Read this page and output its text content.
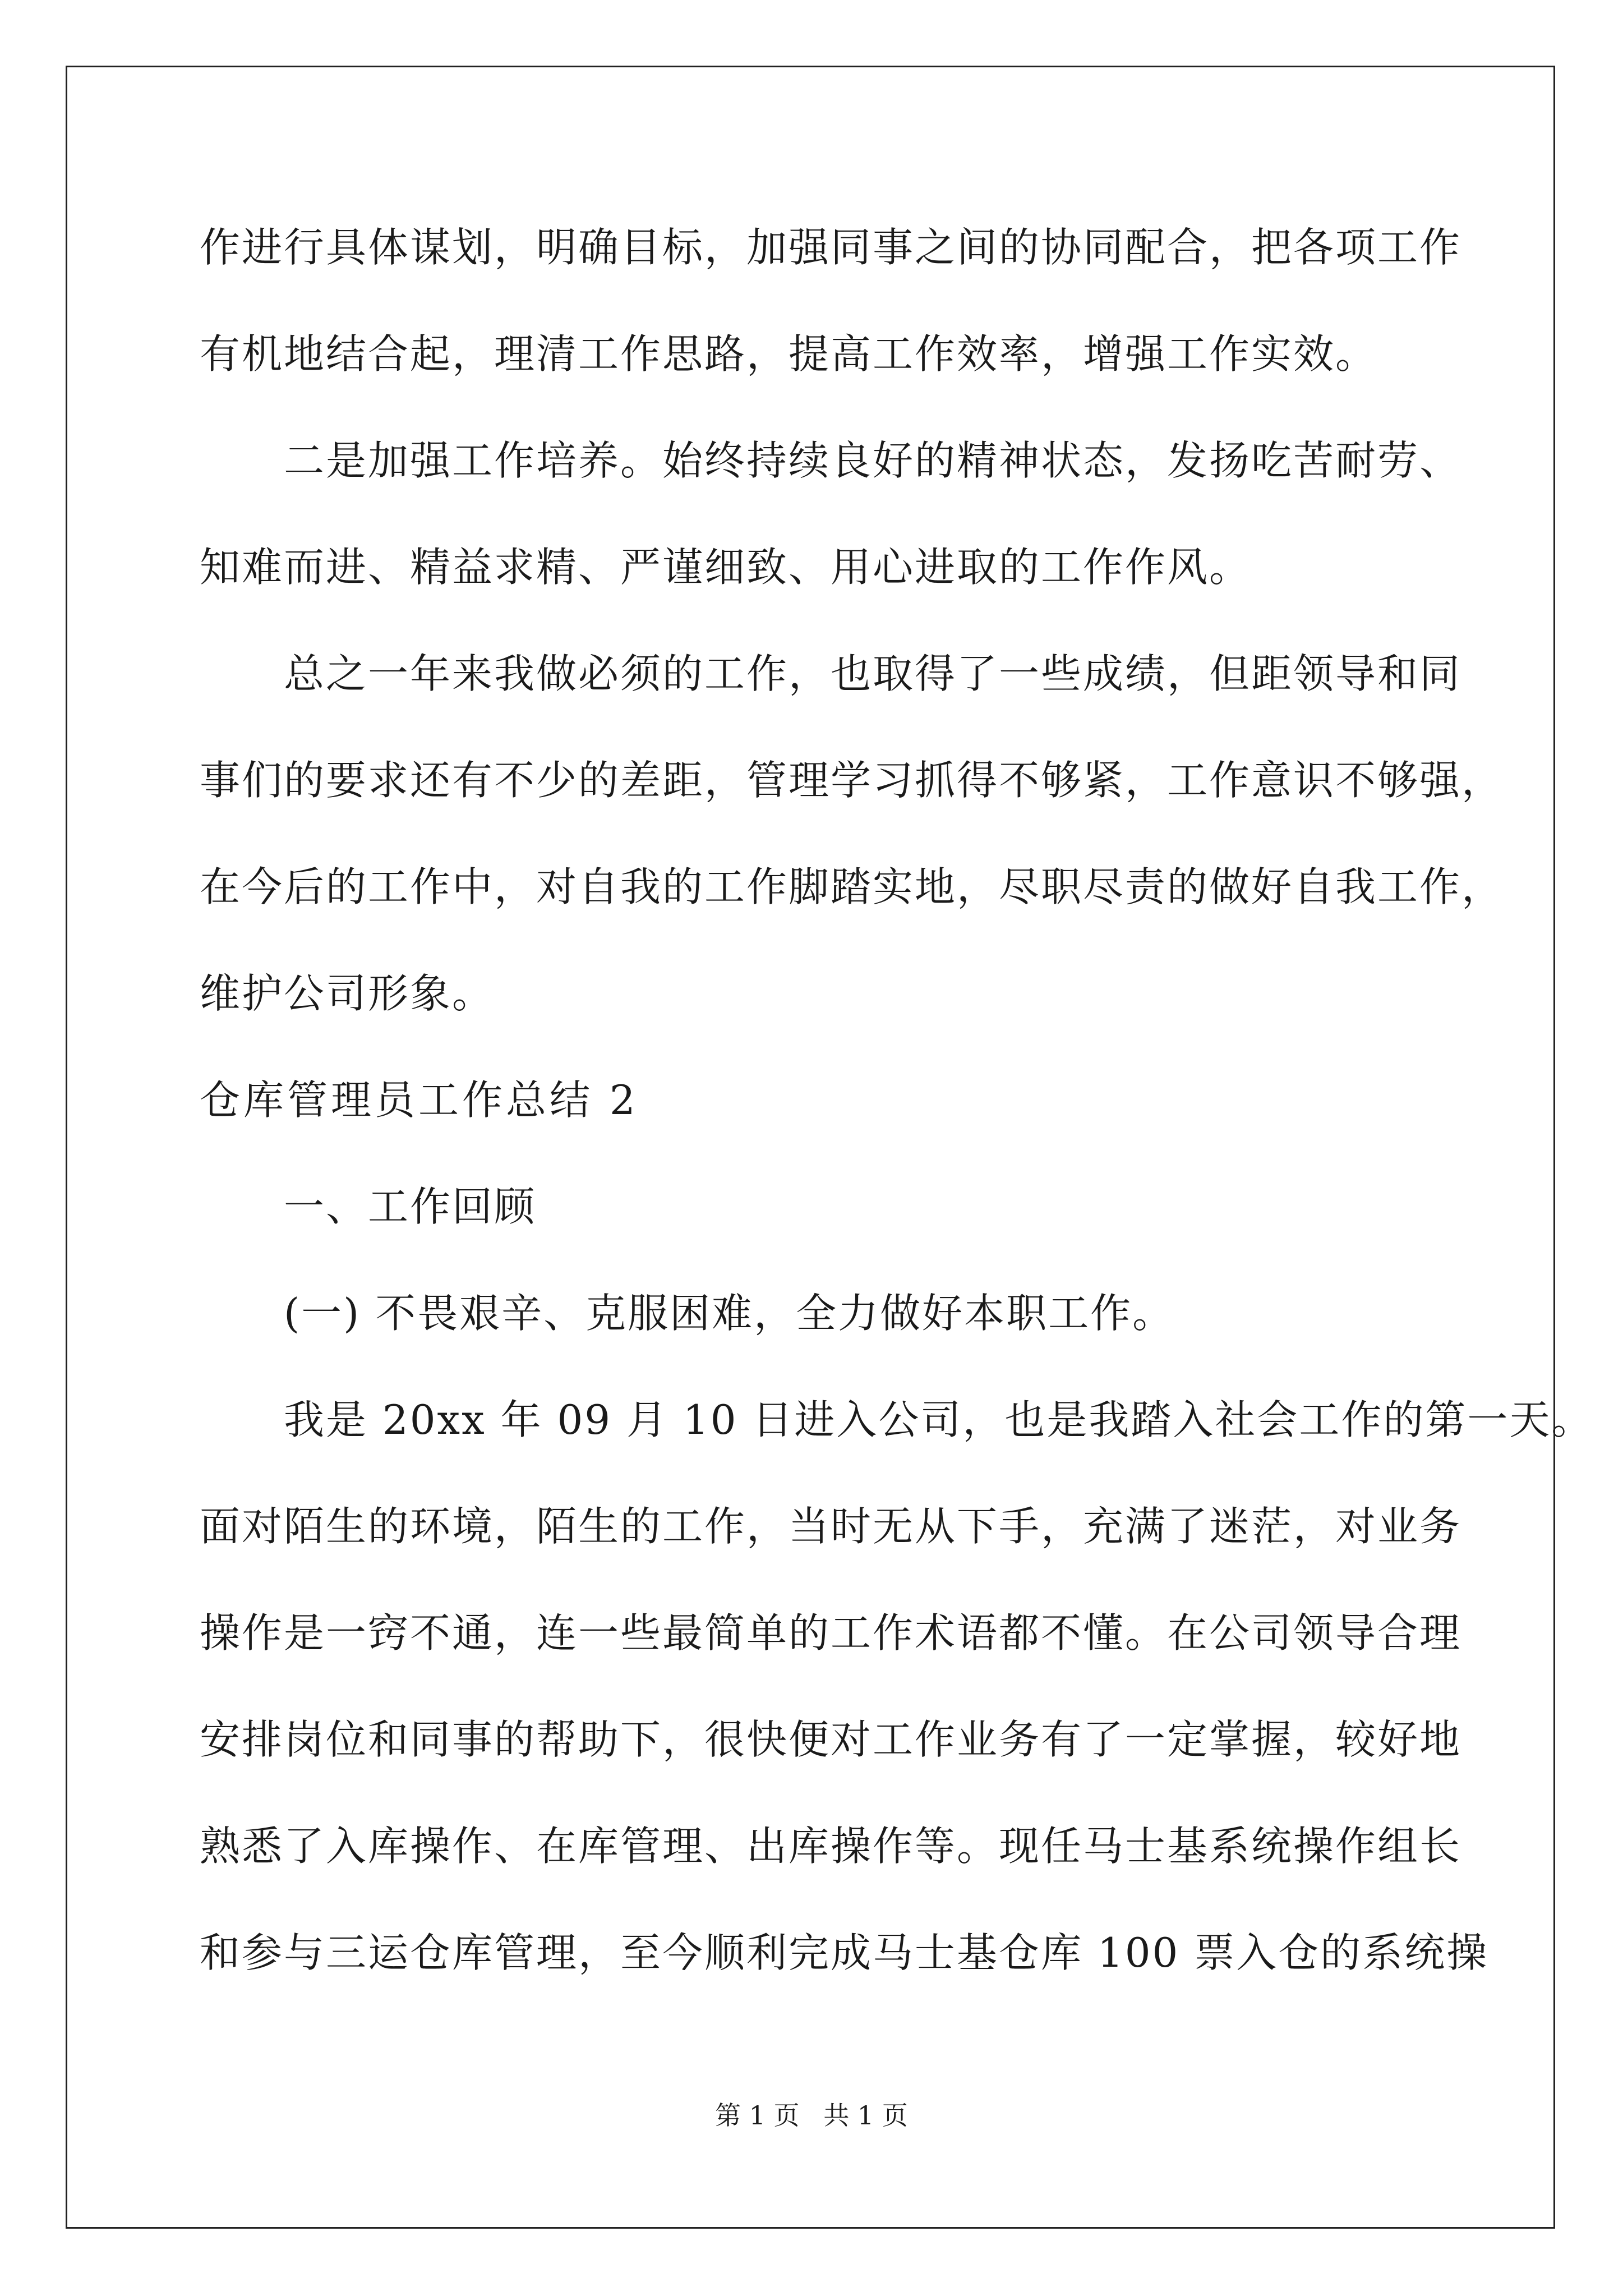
作进行具体谋划，明确目标，加强同事之间的协同配合，把各项工作
有机地结合起，理清工作思路，提高工作效率，增强工作实效。
二是加强工作培养。始终持续良好的精神状态，发扬吃苦耐劳、
知难而进、精益求精、严谨细致、用心进取的工作作风。
总之一年来我做必须的工作，也取得了一些成绩，但距领导和同
事们的要求还有不少的差距，管理学习抓得不够紧，工作意识不够强，
在今后的工作中，对自我的工作脚踏实地，尽职尽责的做好自我工作，
维护公司形象。
仓库管理员工作总结 2
一、工作回顾
(一) 不畏艰辛、克服困难，全力做好本职工作。
我是 20xx 年 09 月 10 日进入公司，也是我踏入社会工作的第一天。
面对陌生的环境，陌生的工作，当时无从下手，充满了迷茫，对业务
操作是一窍不通，连一些最简单的工作术语都不懂。在公司领导合理
安排岗位和同事的帮助下，很快便对工作业务有了一定掌握，较好地
熟悉了入库操作、在库管理、出库操作等。现任马士基系统操作组长
和参与三运仓库管理，至今顺利完成马士基仓库 100 票入仓的系统操
第 1 页 共 1 页
